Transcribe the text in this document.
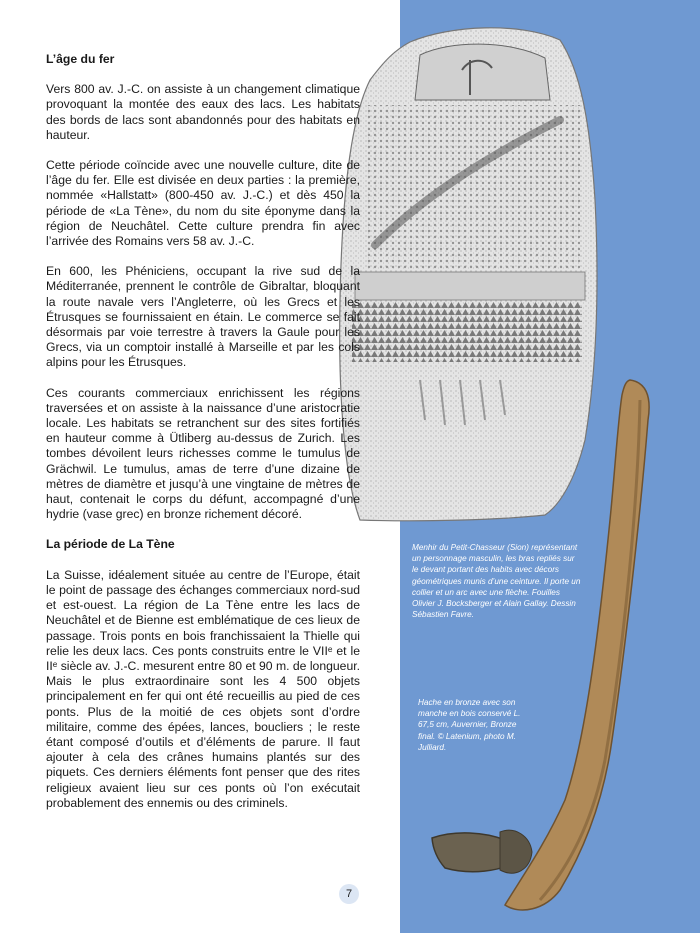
L’âge du fer

Vers 800 av. J.-C. on assiste à un changement climatique provoquant la montée des eaux des lacs. Les habitats des bords de lacs sont abandonnés pour des habitats en hauteur.

Cette période coïncide avec une nouvelle culture, dite de l’âge du fer. Elle est divisée en deux parties : la première, nommée «Hallstatt» (800-450 av. J.-C.) et dès 450 la période de «La Tène», du nom du site éponyme dans la région de Neuchâtel. Cette culture prendra fin avec l’arrivée des Romains vers 58 av. J.-C.

En 600, les Phéniciens, occupant la rive sud de la Méditerranée, prennent le contrôle de Gibraltar, bloquant la route navale vers l’Angleterre, où les Grecs et les Étrusques se fournissaient en étain. Le commerce se fait désormais par voie terrestre à travers la Gaule pour les Grecs, via un comptoir installé à Marseille et par les cols alpins pour les Étrusques.

Ces courants commerciaux enrichissent les régions traversées et on assiste à la naissance d’une aristocratie locale. Les habitats se retranchent sur des sites fortifiés en hauteur comme à Ütliberg au-dessus de Zurich. Les tombes dévoilent leurs richesses comme le tumulus de Grächwil. Le tumulus, amas de terre d’une dizaine de mètres de diamètre et jusqu’à une vingtaine de mètres de haut, contenait le corps du défunt, accompagné d’une hydrie (vase grec) en bronze richement décoré.

La période de La Tène

La Suisse, idéalement située au centre de l’Europe, était le point de passage des échanges commerciaux nord-sud et est-ouest. La région de La Tène entre les lacs de Neuchâtel et de Bienne est emblématique de ces lieux de passage. Trois ponts en bois franchissaient la Thielle qui relie les deux lacs. Ces ponts construits entre le VIIᵉ et le IIᵉ siècle av. J.-C. mesurent entre 80 et 90 m. de longueur. Mais le plus extraordinaire sont les 4 500 objets principalement en fer qui ont été recueillis au pied de ces ponts. Plus de la moitié de ces objets sont d’ordre militaire, comme des épées, lances, boucliers ; le reste étant composé d’outils et d’éléments de parure. Il faut ajouter à cela des crânes humains plantés sur des piquets. Ces derniers éléments font penser que des rites religieux avaient lieu sur ces ponts où l’on exécutait probablement des ennemis ou des criminels.

Menhir du Petit-Chasseur (Sion) représentant un personnage masculin, les bras repliés sur le devant portant des habits avec décors géométriques munis d’une ceinture. Il porte un collier et un arc avec une flèche. Fouilles Olivier J. Bocksberger et Alain Gallay. Dessin Sébastien Favre.
Hache en bronze avec son manche en bois conservé L. 67,5 cm, Auvernier, Bronze final. © Latenium, photo M. Julliard.
7
